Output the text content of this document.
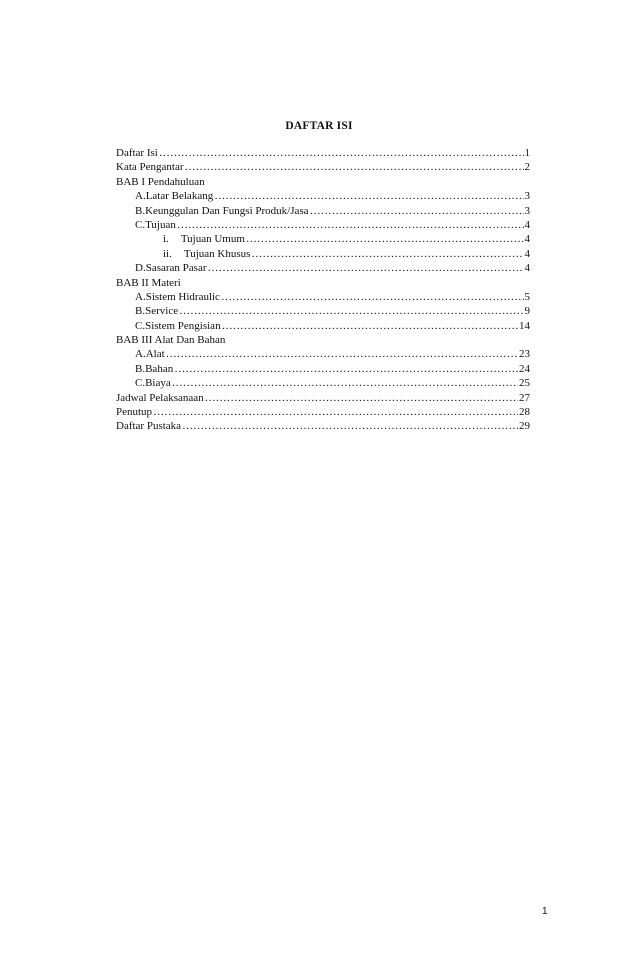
DAFTAR ISI
Daftar Isi ……………………………………………………………………………………………………………………………………………………………………………………………………	1
Kata Pengantar ……………………………………………………………………………………………………………………………………………………………………………………………………	2
BAB I Pendahuluan
A. Latar Belakang ……………………………………………………………………………………………………………………………………………………………………………………………………	3
B. Keunggulan Dan Fungsi Produk/Jasa ……………………………………………………………………………………………………………………………………………………………………………………………………	3
C. Tujuan ……………………………………………………………………………………………………………………………………………………………………………………………………	4
i.	Tujuan Umum ……………………………………………………………………………………………………………………………………………………………………………………………………	4
ii.	Tujuan Khusus ……………………………………………………………………………………………………………………………………………………………………………………………………	4
D. Sasaran Pasar ……………………………………………………………………………………………………………………………………………………………………………………………………	4
BAB II Materi
A. Sistem Hidraulic ……………………………………………………………………………………………………………………………………………………………………………………………………	5
B. Service ……………………………………………………………………………………………………………………………………………………………………………………………………	9
C. Sistem Pengisian ……………………………………………………………………………………………………………………………………………………………………………………………………	14
BAB III Alat Dan Bahan
A. Alat ……………………………………………………………………………………………………………………………………………………………………………………………………	23
B. Bahan ……………………………………………………………………………………………………………………………………………………………………………………………………	24
C. Biaya ……………………………………………………………………………………………………………………………………………………………………………………………………	25
Jadwal Pelaksanaan ……………………………………………………………………………………………………………………………………………………………………………………………………	27
Penutup ……………………………………………………………………………………………………………………………………………………………………………………………………	28
Daftar Pustaka ……………………………………………………………………………………………………………………………………………………………………………………………………	29
1
